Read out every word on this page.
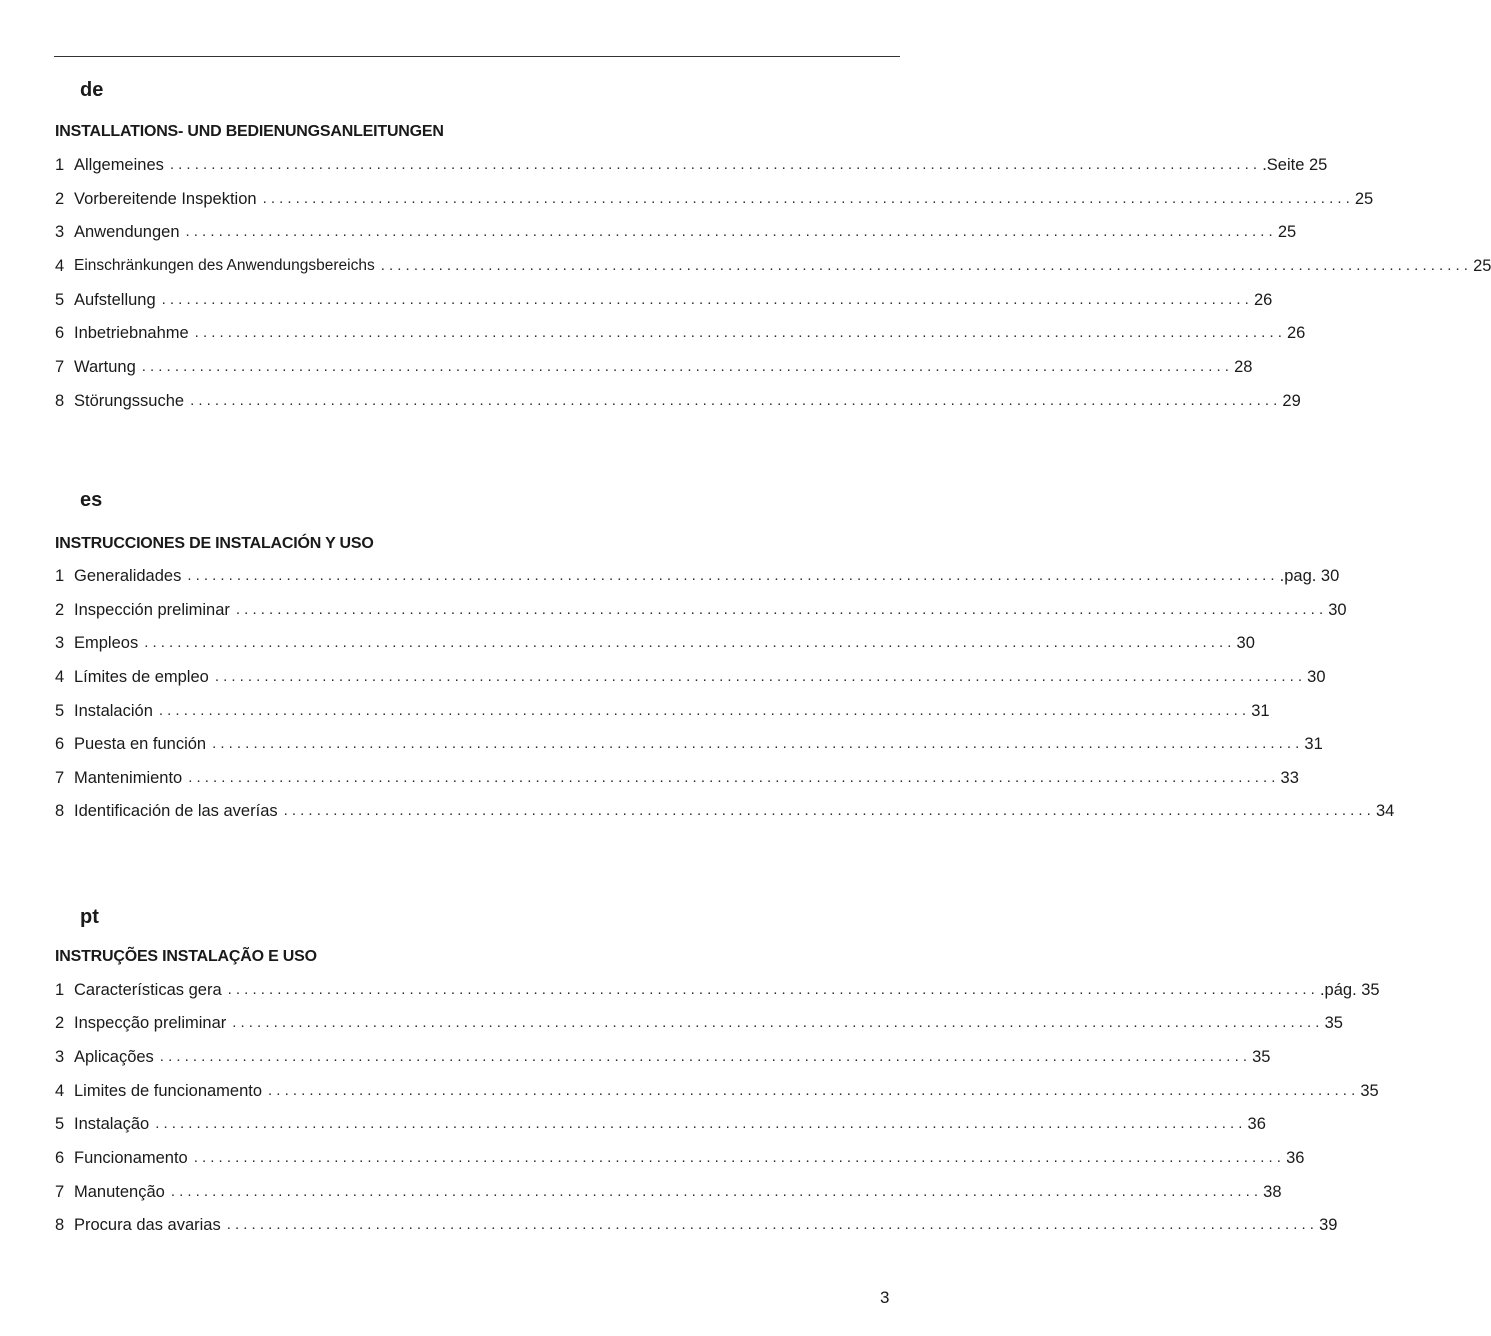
de
INSTALLATIONS- UND BEDIENUNGSANLEITUNGEN
1 Allgemeines .................................................................................................................................... .Seite 25
2 Vorbereitende Inspektion .................................................................................................................................... 25
3 Anwendungen .................................................................................................................................... 25
4 Einschränkungen des Anwendungsbereichs .................................................................................................................................... 25
5 Aufstellung .................................................................................................................................... 26
6 Inbetriebnahme .................................................................................................................................... 26
7 Wartung .................................................................................................................................... 28
8 Störungssuche .................................................................................................................................... 29
es
INSTRUCCIONES DE INSTALACIÓN Y USO
1 Generalidades .................................................................................................................................... .pag. 30
2 Inspección preliminar .................................................................................................................................... 30
3 Empleos .................................................................................................................................... 30
4 Límites de empleo .................................................................................................................................... 30
5 Instalación .................................................................................................................................... 31
6 Puesta en función .................................................................................................................................... 31
7 Mantenimiento .................................................................................................................................... 33
8 Identificación de las averías .................................................................................................................................... 34
pt
INSTRUÇÕES INSTALAÇÃO E USO
1 Características gera .................................................................................................................................... .pág. 35
2 Inspecção preliminar .................................................................................................................................... 35
3 Aplicações .................................................................................................................................... 35
4 Limites de funcionamento .................................................................................................................................... 35
5 Instalação .................................................................................................................................... 36
6 Funcionamento .................................................................................................................................... 36
7 Manutenção .................................................................................................................................... 38
8 Procura das avarias .................................................................................................................................... 39
3
